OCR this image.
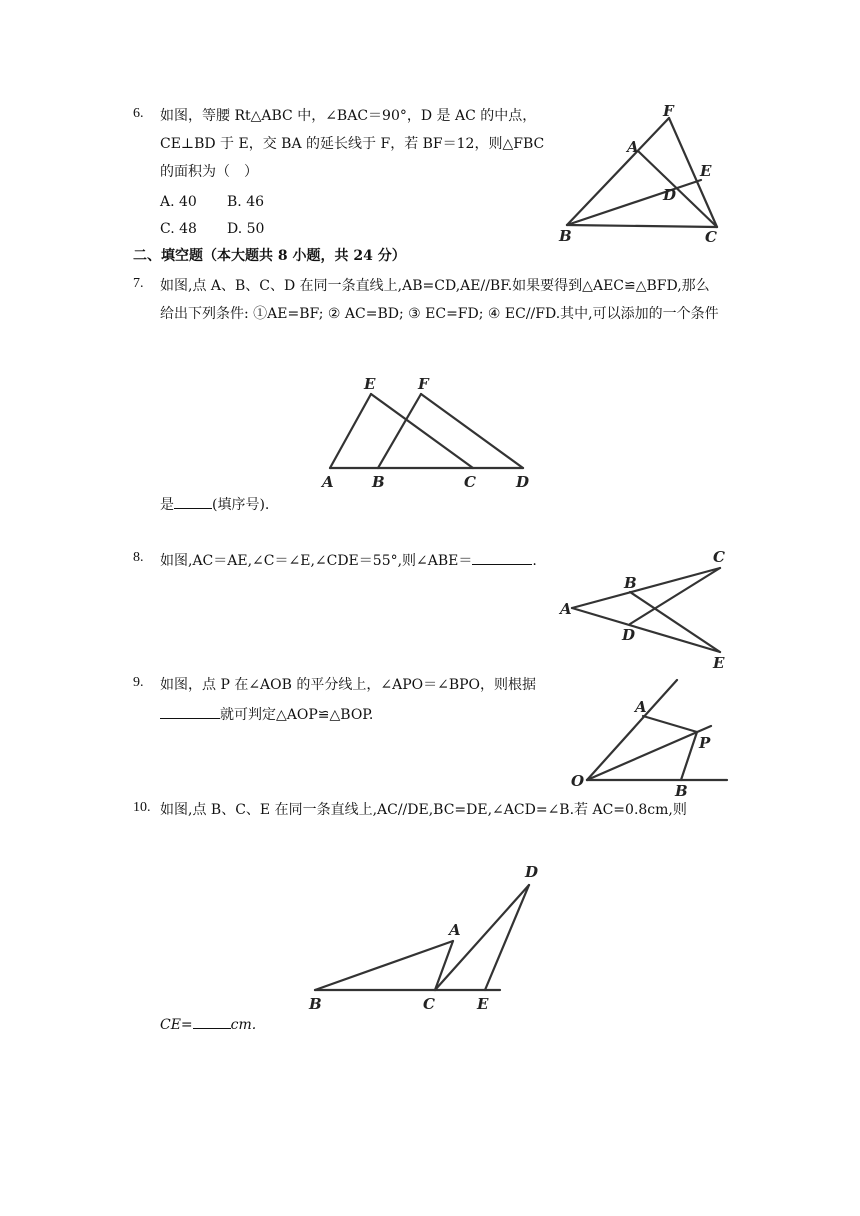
6. 如图，等腰 Rt△ABC 中，∠BAC＝90°，D 是 AC 的中点，
CE⊥BD 于 E，交 BA 的延长线于 F，若 BF＝12，则△FBC
的面积为（　）
A. 40 B. 46
C. 48 D. 50
F
A
E
D
B	C
二、填空题（本大题共 8 小题，共 24 分）
7. 如图,点 A、B、C、D 在同一条直线上,AB=CD,AE//BF.如果要得到△AEC≌△BFD,那么
给出下列条件: ①AE=BF; ② AC=BD; ③ EC=FD; ④ EC//FD.其中,可以添加的一个条件
E	F
A	B	C	D
是	(填序号).
8. 如图,AC＝AE,∠C＝∠E,∠CDE＝55°,则∠ABE＝	.
A
B
C
D
E
9. 如图，点 P 在∠AOB 的平分线上，∠APO＝∠BPO，则根据
就可判定△AOP≌△BOP.	A
P
O
B
10. 如图,点 B、C、E 在同一条直线上,AC//DE,BC=DE,∠ACD=∠B.若 AC=0.8cm,则
D
A
B	C	E
CE=	cm.
